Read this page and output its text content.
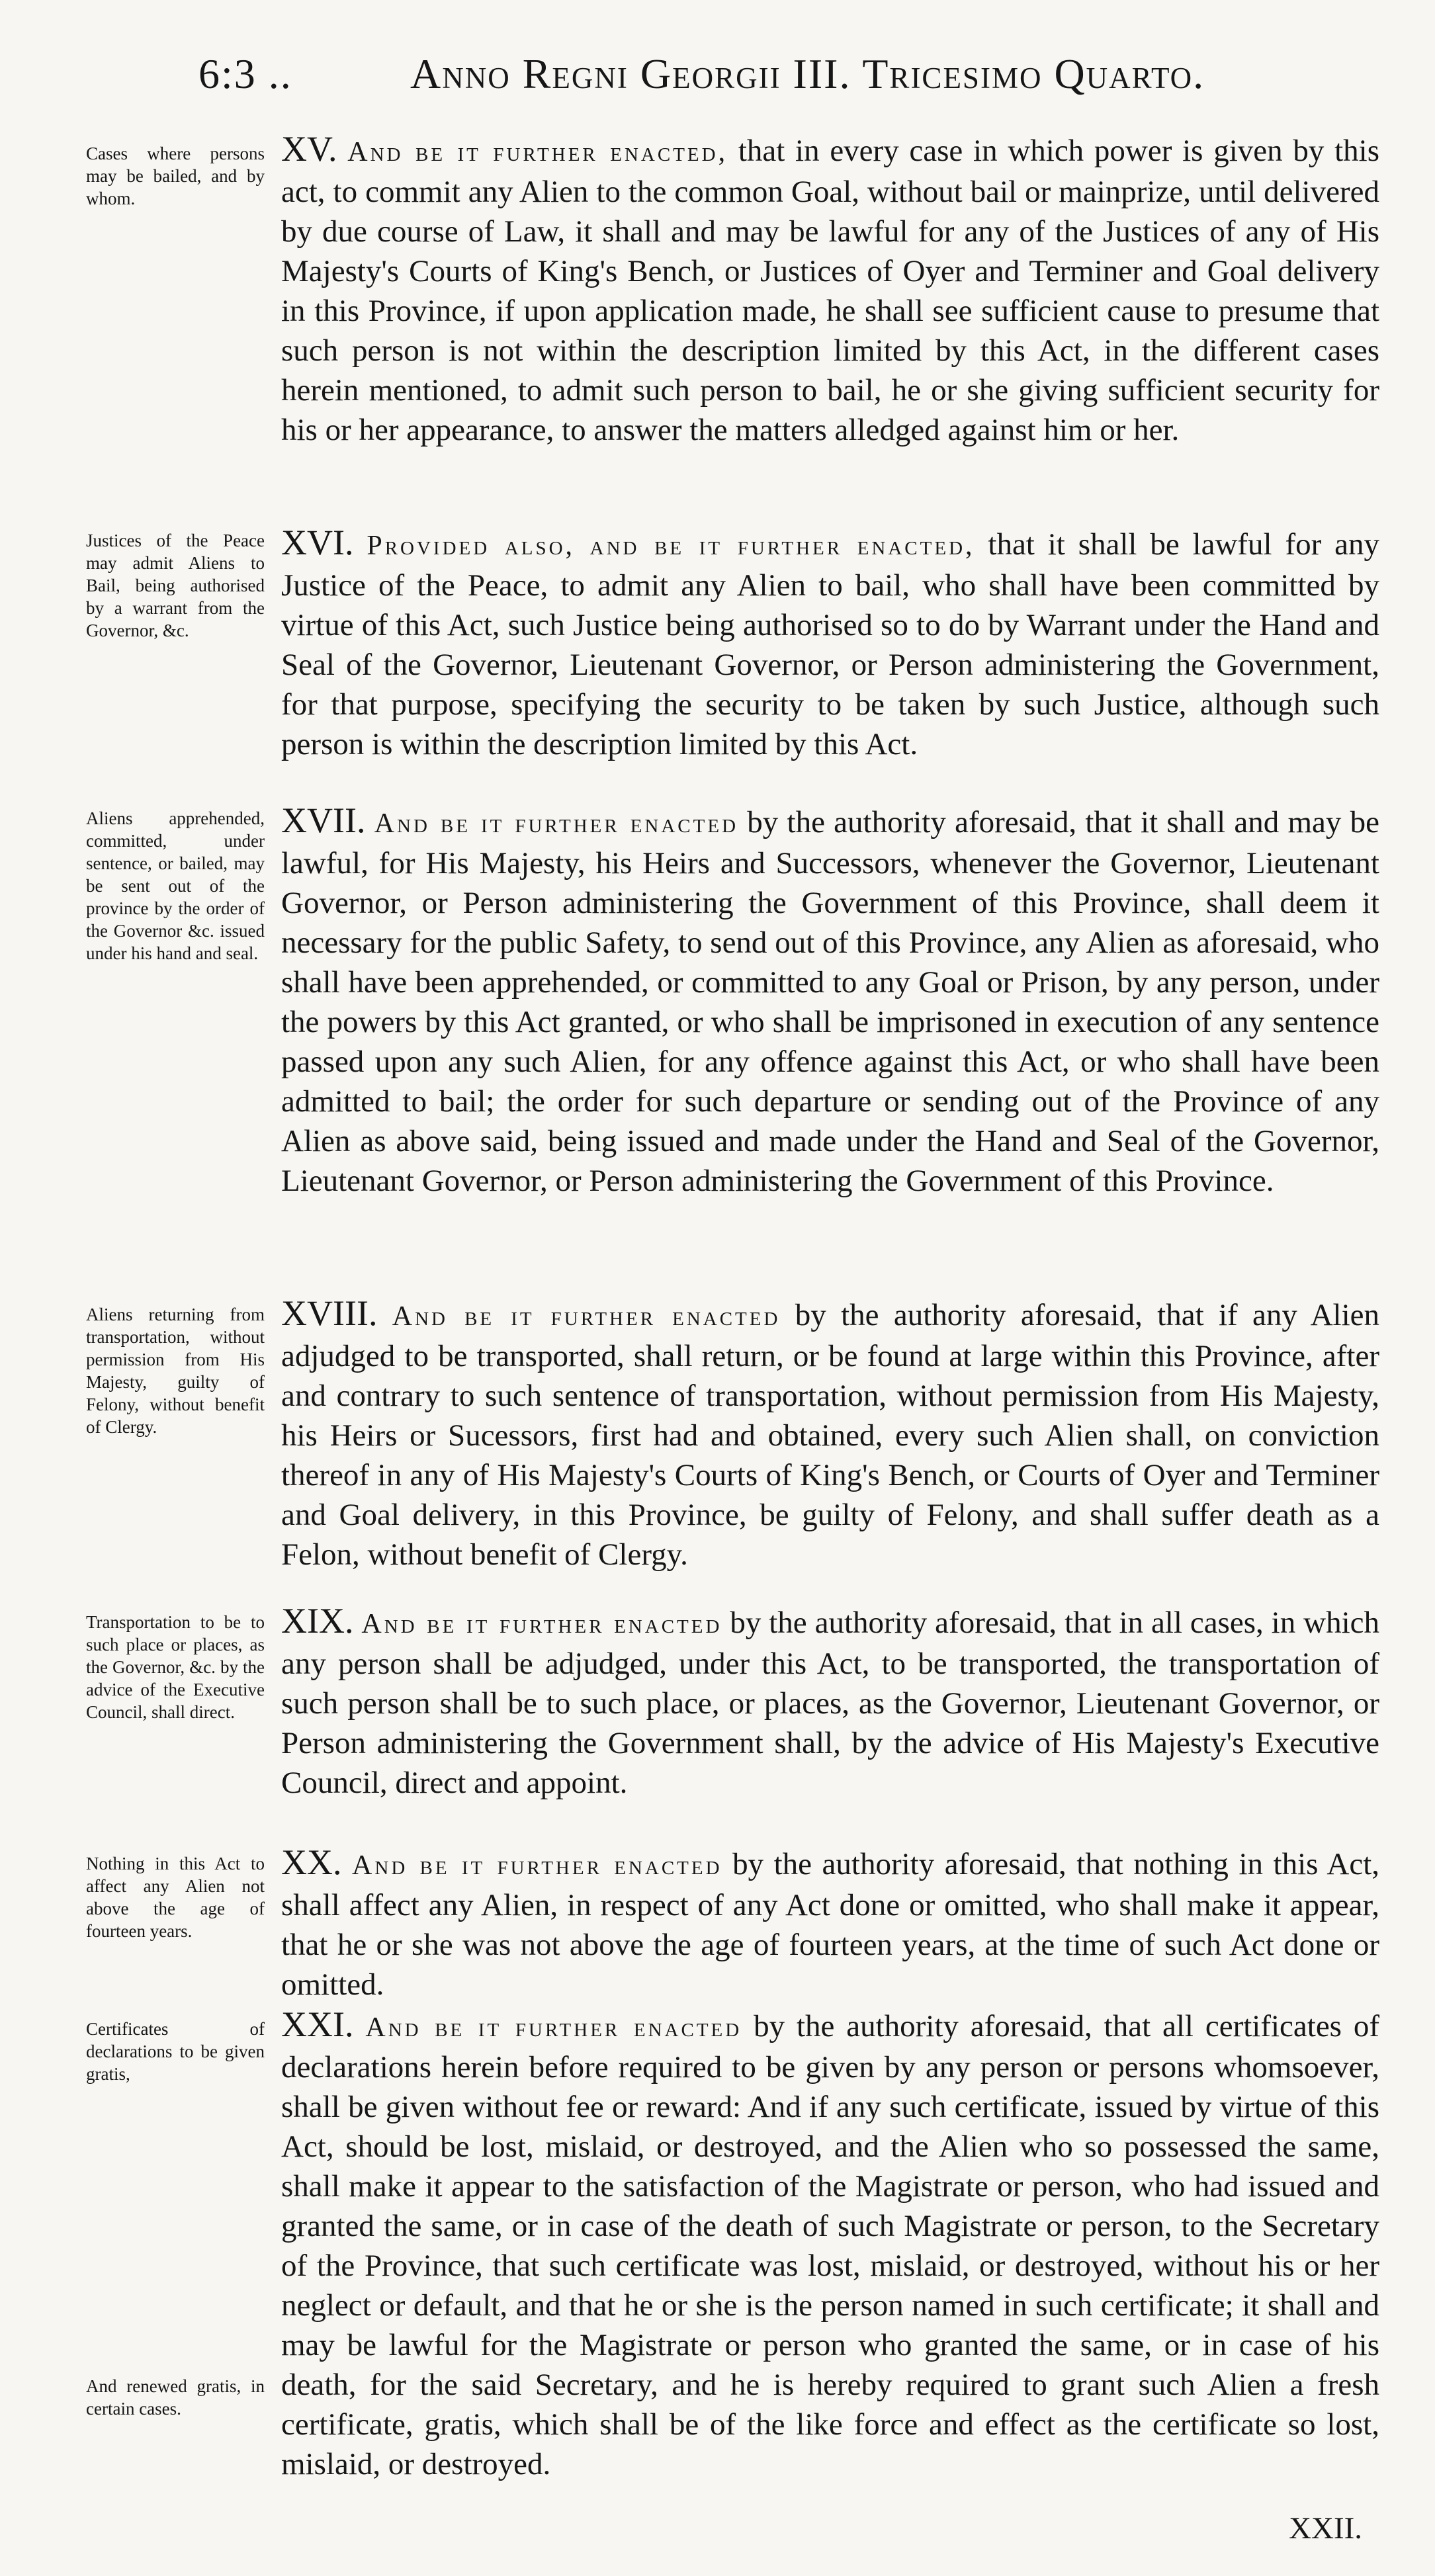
6:3 ..	Anno Regni Georgii III. Tricesimo Quarto.
Cases where persons may be bailed, and by whom.
XV. And be it further enacted, that in every case in which power is given by this act, to commit any Alien to the common Goal, without bail or mainprize, until delivered by due course of Law, it shall and may be lawful for any of the Justices of any of His Majesty's Courts of King's Bench, or Justices of Oyer and Terminer and Goal delivery in this Province, if upon application made, he shall see sufficient cause to presume that such person is not within the description limited by this Act, in the different cases herein mentioned, to admit such person to bail, he or she giving sufficient security for his or her appearance, to answer the matters alledged against him or her.
Justices of the Peace may admit Aliens to Bail, being authorised by a warrant from the Governor, &c.
XVI. Provided also, and be it further enacted, that it shall be lawful for any Justice of the Peace, to admit any Alien to bail, who shall have been committed by virtue of this Act, such Justice being authorised so to do by Warrant under the Hand and Seal of the Governor, Lieutenant Governor, or Person administering the Government, for that purpose, specifying the security to be taken by such Justice, although such person is within the description limited by this Act.
Aliens apprehended, committed, under sentence, or bailed, may be sent out of the province by the order of the Governor &c. issued under his hand and seal.
XVII. And be it further enacted by the authority aforesaid, that it shall and may be lawful, for His Majesty, his Heirs and Successors, whenever the Governor, Lieutenant Governor, or Person administering the Government of this Province, shall deem it necessary for the public Safety, to send out of this Province, any Alien as aforesaid, who shall have been apprehended, or committed to any Goal or Prison, by any person, under the powers by this Act granted, or who shall be imprisoned in execution of any sentence passed upon any such Alien, for any offence against this Act, or who shall have been admitted to bail; the order for such departure or sending out of the Province of any Alien as above said, being issued and made under the Hand and Seal of the Governor, Lieutenant Governor, or Person administering the Government of this Province.
Aliens returning from transportation, without permission from His Majesty, guilty of Felony, without benefit of Clergy.
XVIII. And be it further enacted by the authority aforesaid, that if any Alien adjudged to be transported, shall return, or be found at large within this Province, after and contrary to such sentence of transportation, without permission from His Majesty, his Heirs or Sucessors, first had and obtained, every such Alien shall, on conviction thereof in any of His Majesty's Courts of King's Bench, or Courts of Oyer and Terminer and Goal delivery, in this Province, be guilty of Felony, and shall suffer death as a Felon, without benefit of Clergy.
Transportation to be to such place or places, as the Governor, &c. by the advice of the Executive Council, shall direct.
XIX. And be it further enacted by the authority aforesaid, that in all cases, in which any person shall be adjudged, under this Act, to be transported, the transportation of such person shall be to such place, or places, as the Governor, Lieutenant Governor, or Person administering the Government shall, by the advice of His Majesty's Executive Council, direct and appoint.
Nothing in this Act to affect any Alien not above the age of fourteen years.
XX. And be it further enacted by the authority aforesaid, that nothing in this Act, shall affect any Alien, in respect of any Act done or omitted, who shall make it appear, that he or she was not above the age of fourteen years, at the time of such Act done or omitted.
Certificates of declarations to be given gratis,
And renewed gratis, in certain cases.
XXI. And be it further enacted by the authority aforesaid, that all certificates of declarations herein before required to be given by any person or persons whomsoever, shall be given without fee or reward: And if any such certificate, issued by virtue of this Act, should be lost, mislaid, or destroyed, and the Alien who so possessed the same, shall make it appear to the satisfaction of the Magistrate or person, who had issued and granted the same, or in case of the death of such Magistrate or person, to the Secretary of the Province, that such certificate was lost, mislaid, or destroyed, without his or her neglect or default, and that he or she is the person named in such certificate; it shall and may be lawful for the Magistrate or person who granted the same, or in case of his death, for the said Secretary, and he is hereby required to grant such Alien a fresh certificate, gratis, which shall be of the like force and effect as the certificate so lost, mislaid, or destroyed.
XXII.
